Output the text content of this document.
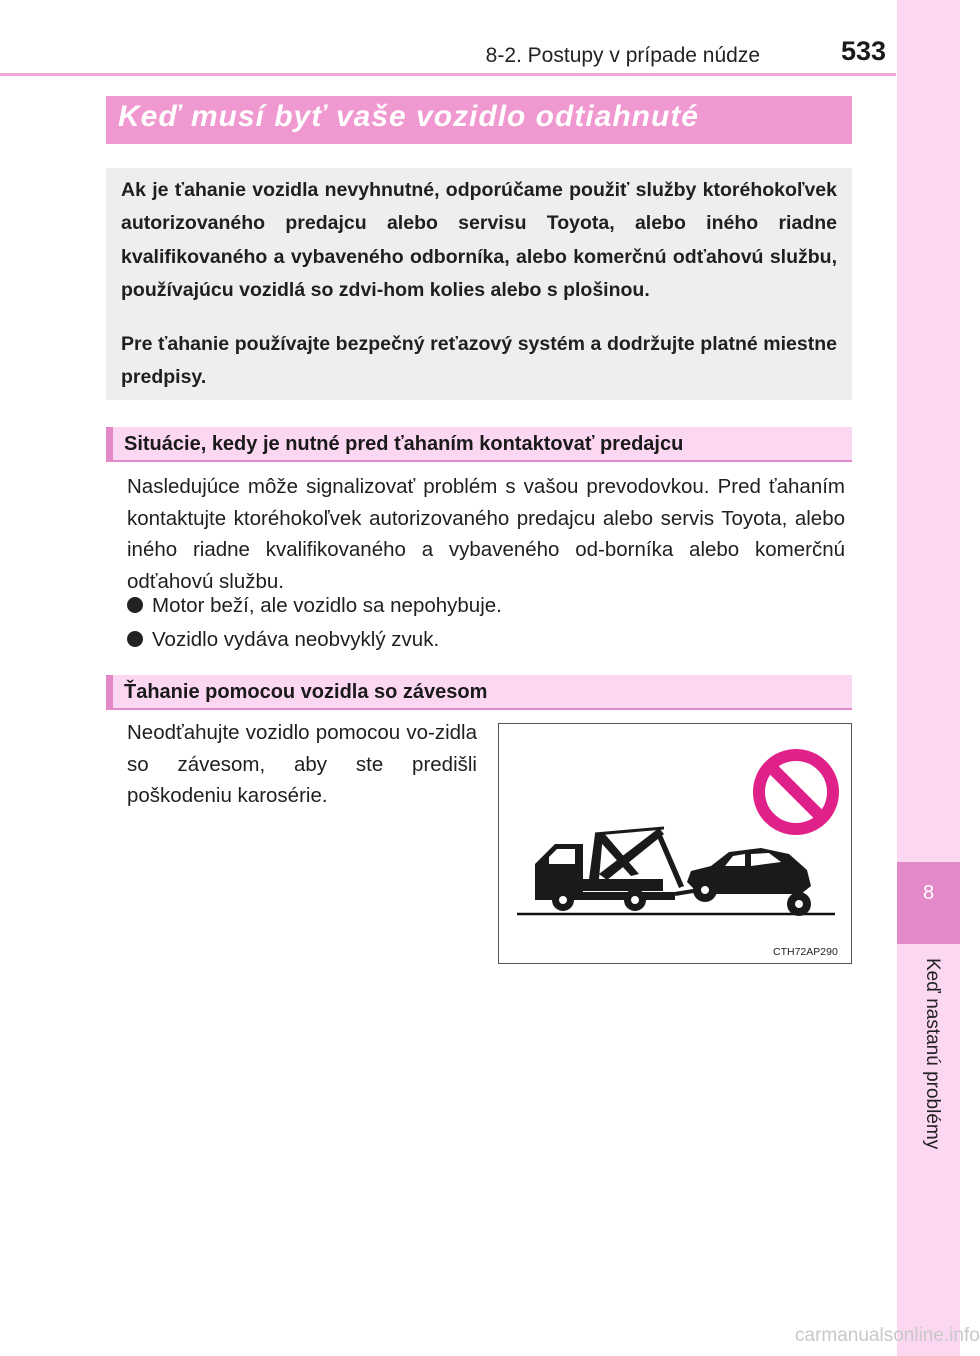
8-2. Postupy v prípade núdze	533
8
Keď nastanú problémy
Keď musí byť vaše vozidlo odtiahnuté

Ak je ťahanie vozidla nevyhnutné, odporúčame použiť služby ktoréhokoľvek autorizovaného predajcu alebo servisu Toyota, alebo iného riadne kvalifikovaného a vybaveného odborníka, alebo komerčnú odťahovú službu, používajúcu vozidlá so zdvi-hom kolies alebo s plošinou.

Pre ťahanie používajte bezpečný reťazový systém a dodržujte platné miestne predpisy.

Situácie, kedy je nutné pred ťahaním kontaktovať predajcu

Nasledujúce môže signalizovať problém s vašou prevodovkou. Pred ťahaním kontaktujte ktoréhokoľvek autorizovaného predajcu alebo servis Toyota, alebo iného riadne kvalifikovaného a vybaveného od-borníka alebo komerčnú odťahovú službu.

Motor beží, ale vozidlo sa nepohybuje.
Vozidlo vydáva neobvyklý zvuk.
Ťahanie pomocou vozidla so závesom

Neodťahujte vozidlo pomocou vo-zidla so závesom, aby ste predišli poškodeniu karosérie.

CTH72AP290
carmanualsonline.info
